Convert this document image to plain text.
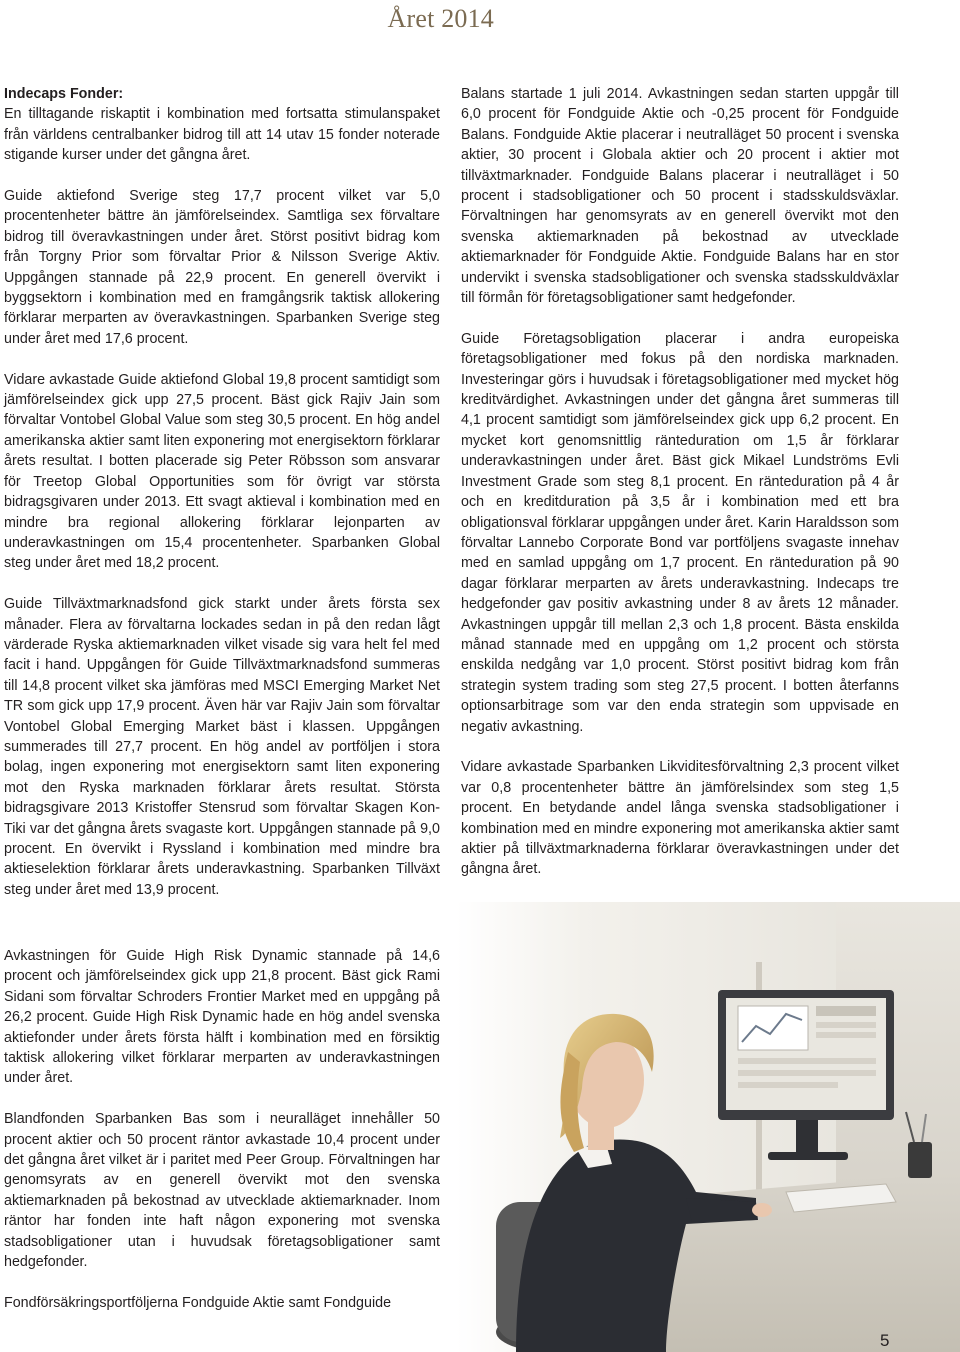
Året 2014

Indecaps Fonder:
En tilltagande riskaptit i kombination med fortsatta stimulanspaket från världens centralbanker bidrog till att 14 utav 15 fonder noterade stigande kurser under det gångna året.

Guide aktiefond Sverige steg 17,7 procent vilket var 5,0 procentenheter bättre än jämförelseindex. Samtliga sex förvaltare bidrog till överavkastningen under året. Störst positivt bidrag kom från Torgny Prior som förvaltar Prior & Nilsson Sverige Aktiv. Uppgången stannade på 22,9 procent. En generell övervikt i byggsektorn i kombination med en framgångsrik taktisk allokering förklarar merparten av överavkastningen. Sparbanken Sverige steg under året med 17,6 procent.

Vidare avkastade Guide aktiefond Global 19,8 procent samtidigt som jämförelseindex gick upp 27,5 procent. Bäst gick Rajiv Jain som förvaltar Vontobel Global Value som steg 30,5 procent. En hög andel amerikanska aktier samt liten exponering mot energisektorn förklarar årets resultat. I botten placerade sig Peter Röbsson som ansvarar för Treetop Global Opportunities som för övrigt var största bidragsgivaren under 2013. Ett svagt aktieval i kombination med en mindre bra regional allokering förklarar lejonparten av underavkastningen om 15,4 procentenheter. Sparbanken Global steg under året med 18,2 procent.

Guide Tillväxtmarknadsfond gick starkt under årets första sex månader. Flera av förvaltarna lockades sedan in på den redan lågt värderade Ryska aktiemarknaden vilket visade sig vara helt fel med facit i hand. Uppgången för Guide Tillväxtmarknadsfond summeras till 14,8 procent vilket ska jämföras med MSCI Emerging Market Net TR som gick upp 17,9 procent. Även här var Rajiv Jain som förvaltar Vontobel Global Emerging Market bäst i klassen. Uppgången summerades till 27,7 procent. En hög andel av portföljen i stora bolag, ingen exponering mot energisektorn samt liten exponering mot den Ryska marknaden förklarar årets resultat. Största bidragsgivare 2013 Kristoffer Stensrud som förvaltar Skagen Kon-Tiki var det gångna årets svagaste kort. Uppgången stannade på 9,0 procent. En övervikt i Ryssland i kombination med mindre bra aktieselektion förklarar årets underavkastning. Sparbanken Tillväxt steg under året med 13,9 procent.

Avkastningen för Guide High Risk Dynamic stannade på 14,6 procent och jämförelseindex gick upp 21,8 procent. Bäst gick Rami Sidani som förvaltar Schroders Frontier Market med en uppgång på 26,2 procent. Guide High Risk Dynamic hade en hög andel svenska aktiefonder under årets första hälft i kombination med en försiktig taktisk allokering vilket förklarar merparten av underavkastningen under året.

Blandfonden Sparbanken Bas som i neuralläget innehåller 50 procent aktier och 50 procent räntor avkastade 10,4 procent under det gångna året vilket är i paritet med Peer Group. Förvaltningen har genomsyrats av en generell övervikt mot den svenska aktiemarknaden på bekostnad av utvecklade aktiemarknader. Inom räntor har fonden inte haft någon exponering mot svenska stadsobligationer utan i huvudsak företagsobligationer samt hedgefonder.

Fondförsäkringsportföljerna Fondguide Aktie samt Fondguide

Balans startade 1 juli 2014. Avkastningen sedan starten uppgår till 6,0 procent för Fondguide Aktie och -0,25 procent för Fondguide Balans. Fondguide Aktie placerar i neutralläget 50 procent i svenska aktier, 30 procent i Globala aktier och 20 procent i aktier mot tillväxtmarknader. Fondguide Balans placerar i neutralläget i 50 procent i stadsobligationer och 50 procent i stadsskuldsväxlar. Förvaltningen har genomsyrats av en generell övervikt mot den svenska aktiemarknaden på bekostnad av utvecklade aktiemarknader för Fondguide Aktie. Fondguide Balans har en stor undervikt i svenska stadsobligationer och svenska stadsskuldväxlar till förmån för företagsobligationer samt hedgefonder.

Guide Företagsobligation placerar i andra europeiska företagsobligationer med fokus på den nordiska marknaden. Investeringar görs i huvudsak i företagsobligationer med mycket hög kreditvärdighet. Avkastningen under det gångna året summeras till 4,1 procent samtidigt som jämförelseindex gick upp 6,2 procent. En mycket kort genomsnittlig ränteduration om 1,5 år förklarar underavkastningen under året. Bäst gick Mikael Lundströms Evli Investment Grade som steg 8,1 procent. En ränteduration på 4 år och en kreditduration på 3,5 år i kombination med ett bra obligationsval förklarar uppgången under året. Karin Haraldsson som förvaltar Lannebo Corporate Bond var portföljens svagaste innehav med en samlad uppgång om 1,7 procent. En ränteduration på 90 dagar förklarar merparten av årets underavkastning. Indecaps tre hedgefonder gav positiv avkastning under 8 av årets 12 månader. Avkastningen uppgår till mellan 2,3 och 1,8 procent. Bästa enskilda månad stannade med en uppgång om 1,2 procent och största enskilda nedgång var 1,0 procent. Störst positivt bidrag kom från strategin system trading som steg 27,5 procent. I botten återfanns optionsarbitrage som var den enda strategin som uppvisade en negativ avkastning.

Vidare avkastade Sparbanken Likviditesförvaltning 2,3 procent vilket var 0,8 procentenheter bättre än jämförelsindex som steg 1,5 procent. En betydande andel långa svenska stadsobligationer i kombination med en mindre exponering mot amerikanska aktier samt aktier på tillväxtmarknaderna förklarar överavkastningen under det gångna året.

5
